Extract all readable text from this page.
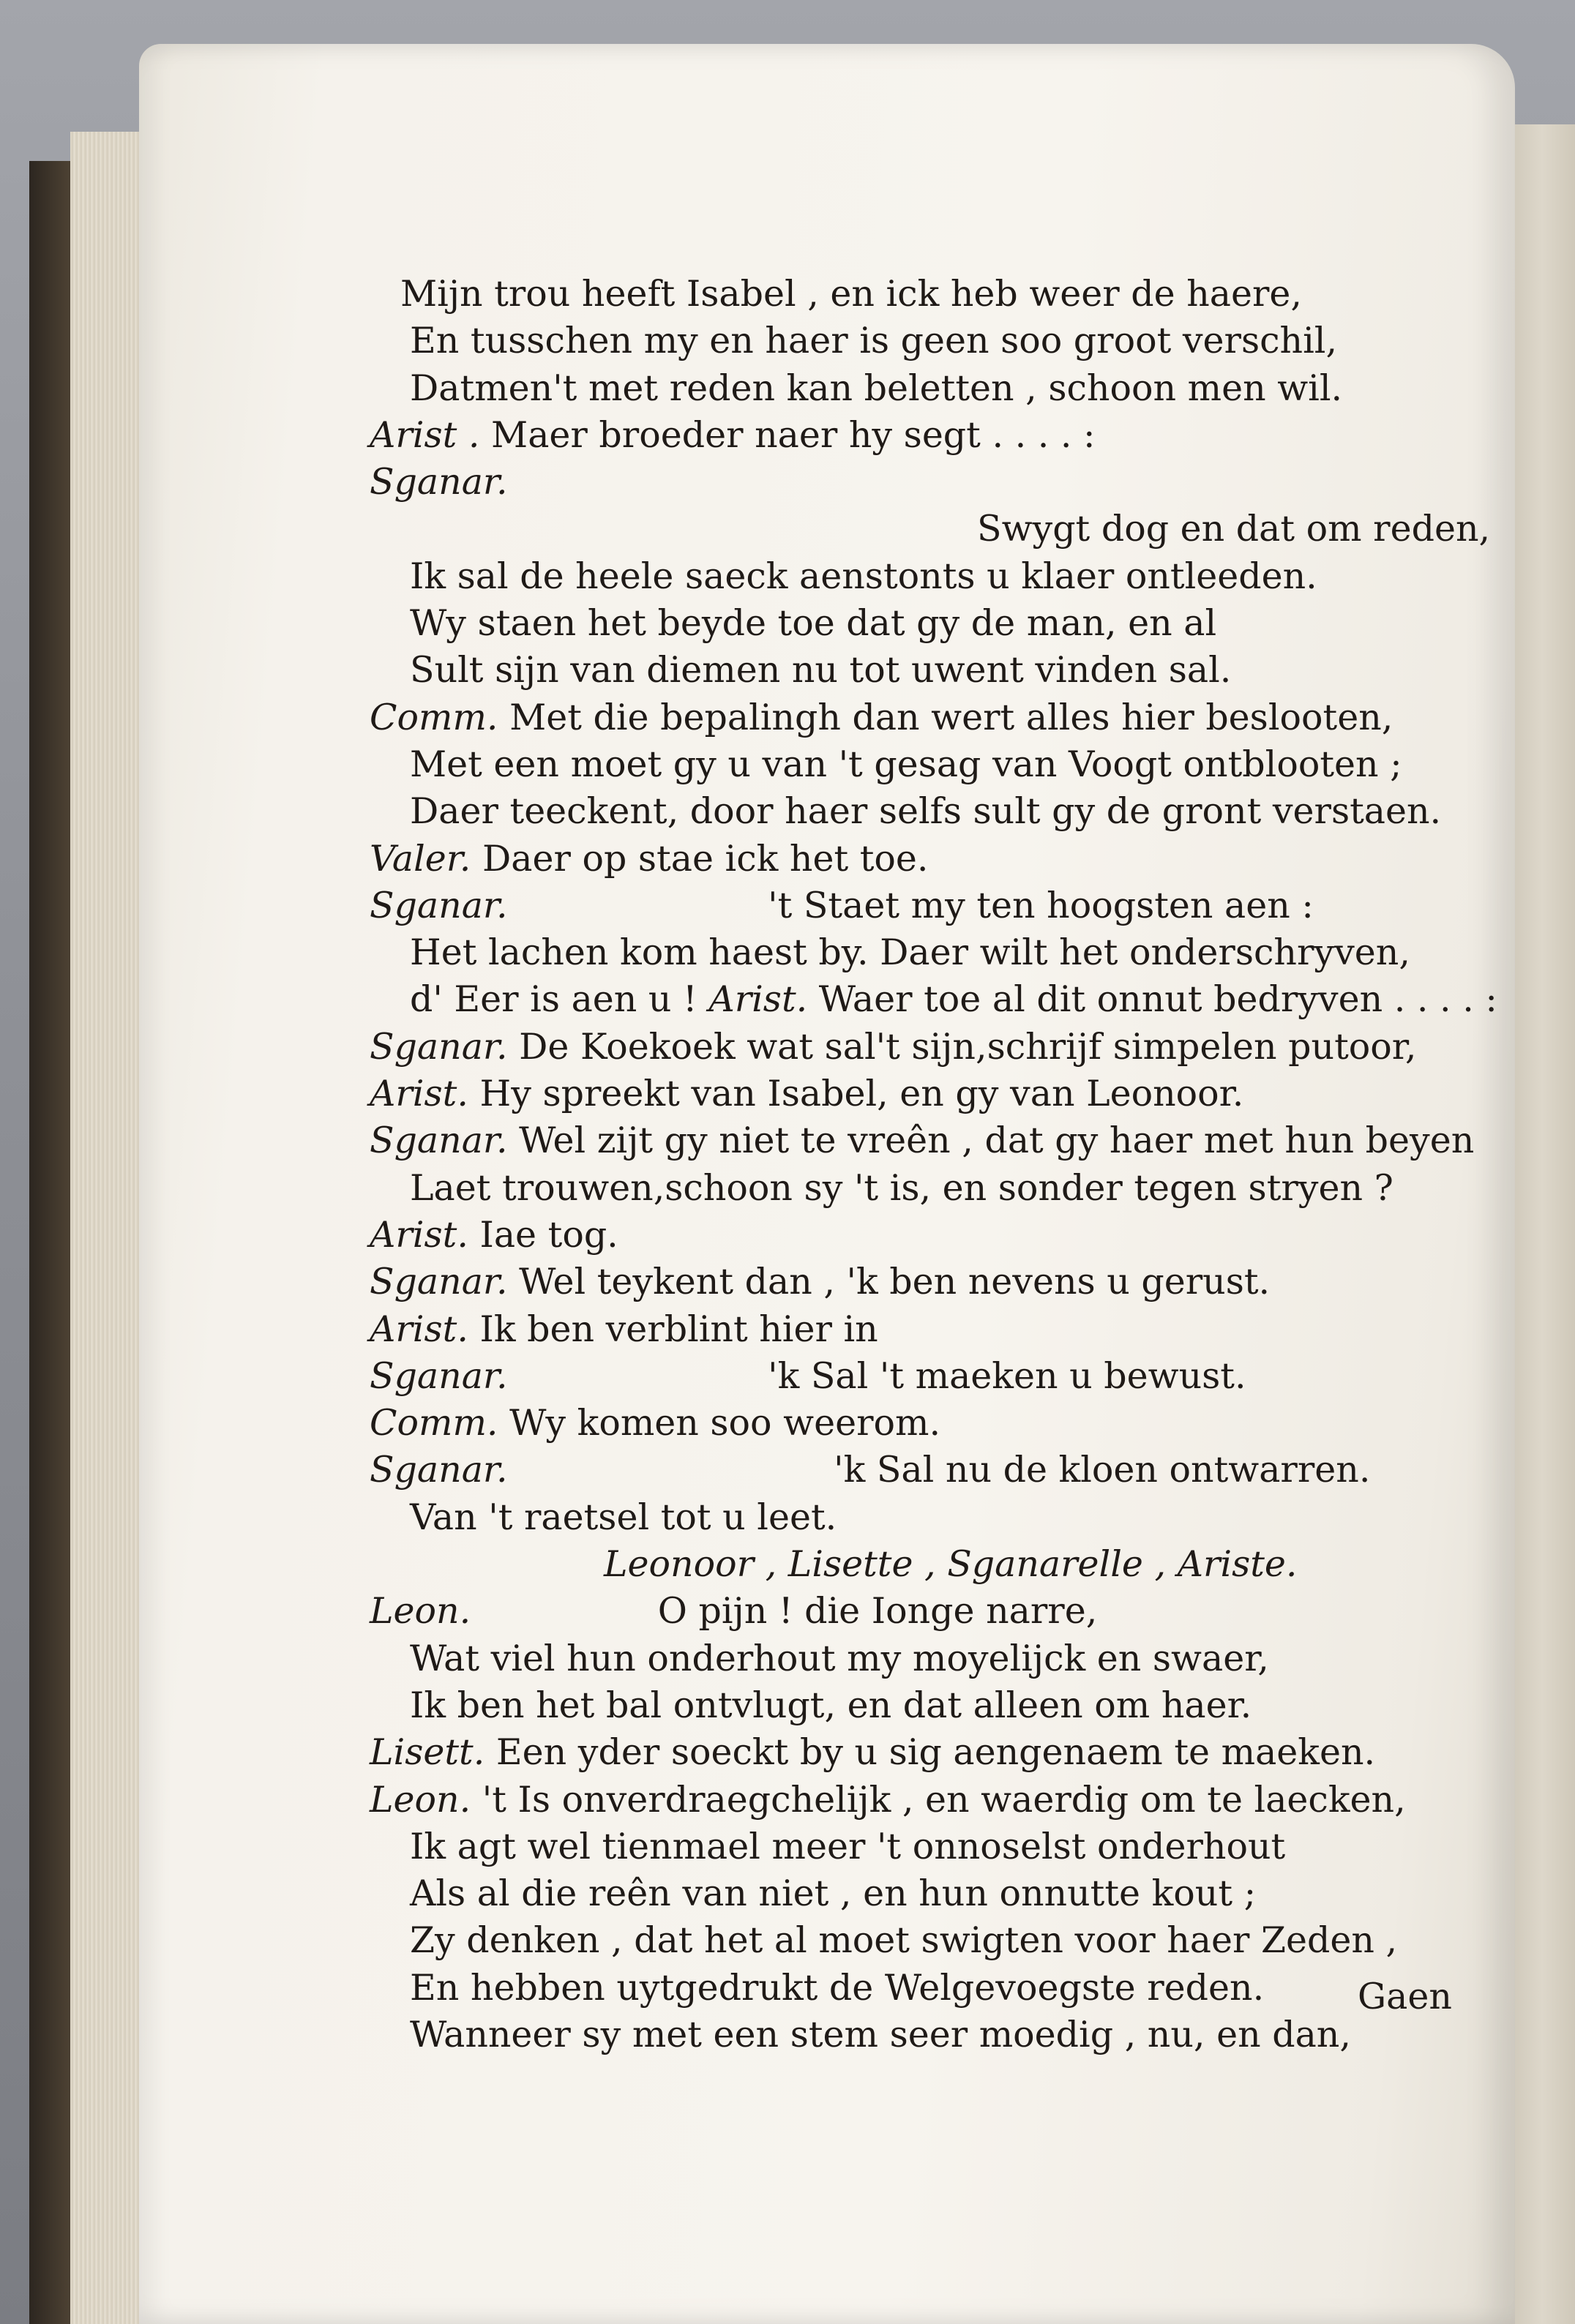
Mijn trou heeft Isabel , en ick heb weer de haere,
En tusschen my en haer is geen soo groot verschil,
Datmen't met reden kan beletten , schoon men wil.
Arist . Maer broeder naer hy segt . . . . :
Sganar.
Swygt dog en dat om reden,
Ik sal de heele saeck aenstonts u klaer ontleeden.
Wy staen het beyde toe dat gy de man, en al
Sult sijn van diemen nu tot uwent vinden sal.
Comm. Met die bepalingh dan wert alles hier beslooten,
Met een moet gy u van 't gesag van Voogt ontblooten ;
Daer teeckent, door haer selfs sult gy de gront verstaen.
Valer. Daer op stae ick het toe.
Sganar.	't Staet my ten hoogsten aen :
Het lachen kom haest by. Daer wilt het onderschryven,
d' Eer is aen u ! Arist. Waer toe al dit onnut bedryven . . . . :
Sganar. De Koekoek wat sal't sijn,schrijf simpelen putoor,
Arist. Hy spreekt van Isabel, en gy van Leonoor.
Sganar. Wel zijt gy niet te vreên , dat gy haer met hun beyen
Laet trouwen,schoon sy 't is, en sonder tegen stryen ?
Arist. Iae tog.
Sganar. Wel teykent dan , 'k ben nevens u gerust.
Arist. Ik ben verblint hier in
Sganar.	'k Sal 't maeken u bewust.
Comm. Wy komen soo weerom.
Sganar.	'k Sal nu de kloen ontwarren.
Van 't raetsel tot u leet.
Leonoor , Lisette , Sganarelle , Ariste.
Leon.	O pijn ! die Ionge narre,
Wat viel hun onderhout my moyelijck en swaer,
Ik ben het bal ontvlugt, en dat alleen om haer.
Lisett. Een yder soeckt by u sig aengenaem te maeken.
Leon. 't Is onverdraegchelijk , en waerdig om te laecken,
Ik agt wel tienmael meer 't onnoselst onderhout
Als al die reên van niet , en hun onnutte kout ;
Zy denken , dat het al moet swigten voor haer Zeden ,
En hebben uytgedrukt de Welgevoegste reden.
Wanneer sy met een stem seer moedig , nu, en dan,
Gaen
